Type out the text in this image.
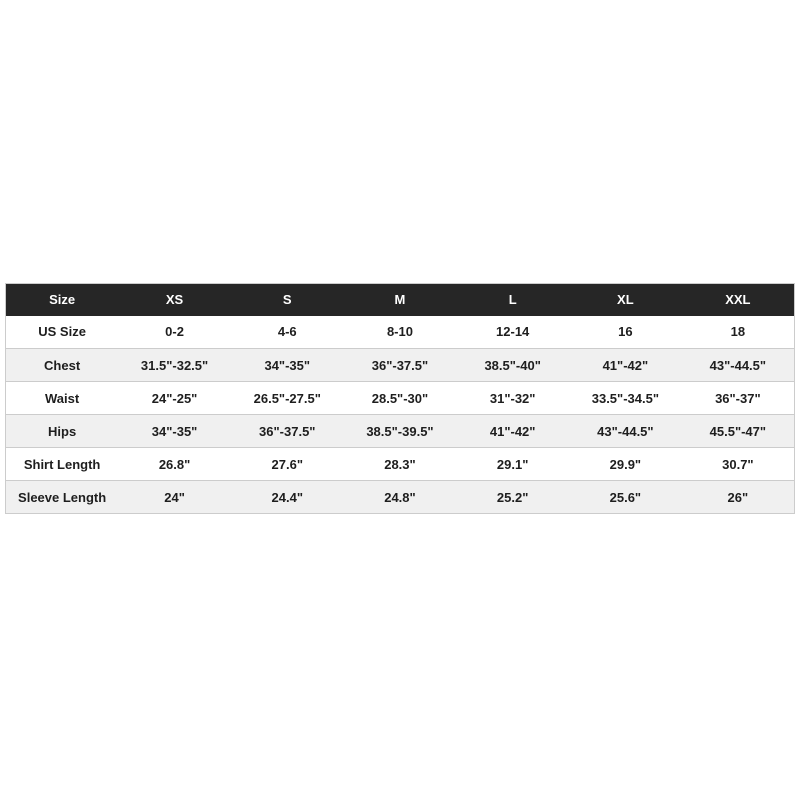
Size	XS	S	M	L	XL	XXL
US Size	0-2	4-6	8-10	12-14	16	18
Chest	31.5"-32.5"	34"-35"	36"-37.5"	38.5"-40"	41"-42"	43"-44.5"
Waist	24"-25"	26.5"-27.5"	28.5"-30"	31"-32"	33.5"-34.5"	36"-37"
Hips	34"-35"	36"-37.5"	38.5"-39.5"	41"-42"	43"-44.5"	45.5"-47"
Shirt Length	26.8"	27.6"	28.3"	29.1"	29.9"	30.7"
Sleeve Length	24"	24.4"	24.8"	25.2"	25.6"	26"
